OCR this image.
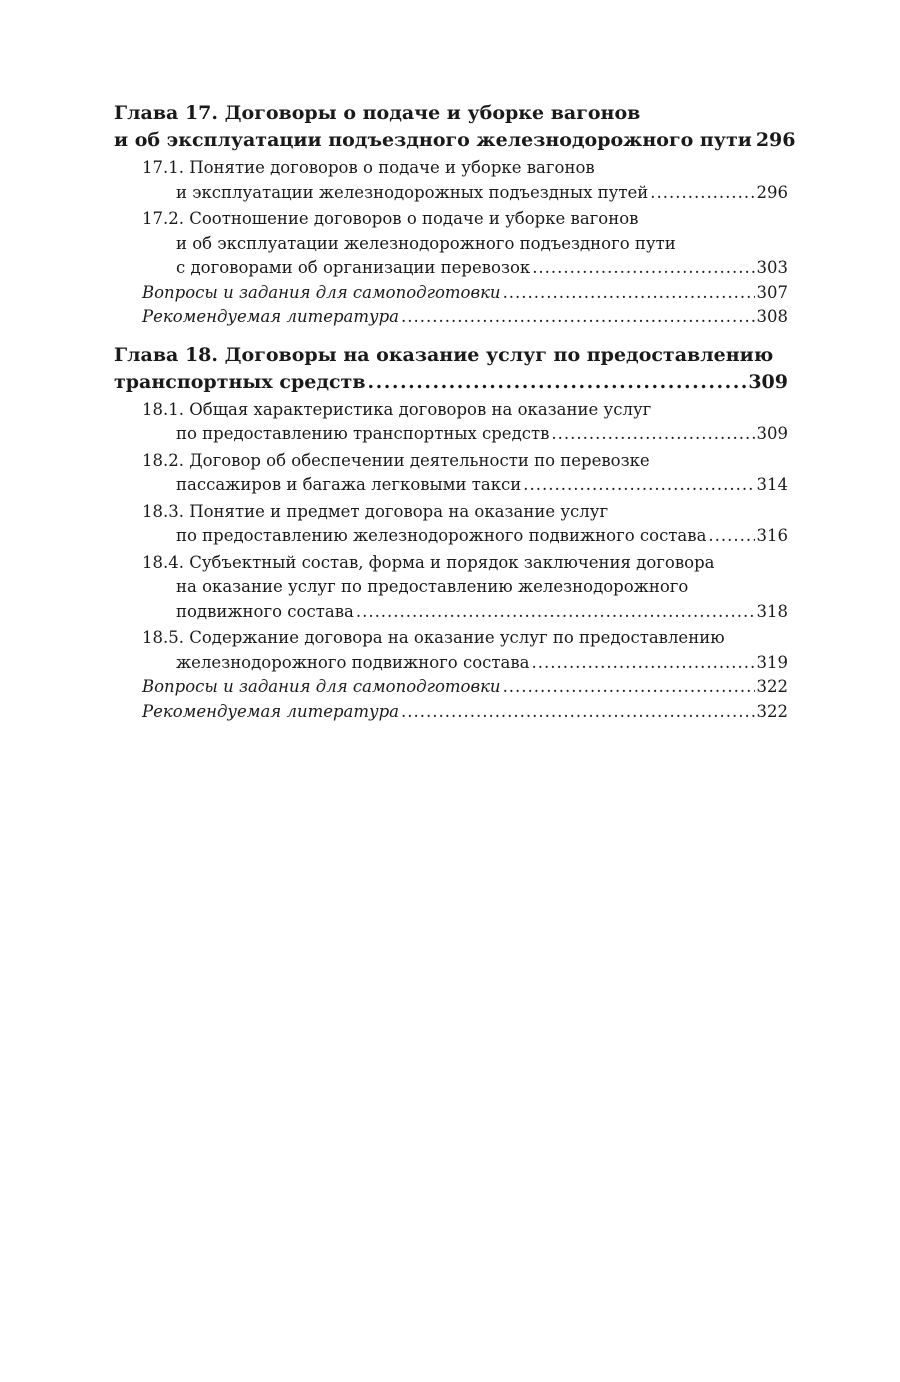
Глава 17. Договоры о подаче и уборке вагонов
и об эксплуатации подъездного железнодорожного пути 296
17.1. Понятие договоров о подаче и уборке вагонов
и эксплуатации железнодорожных подъездных путей .....	296
17.2. Соотношение договоров о подаче и уборке вагонов
и об эксплуатации железнодорожного подъездного пути
с договорами об организации перевозок .....	303
Вопросы и задания для самоподготовки .....	307
Рекомендуемая литература .....	308
Глава 18. Договоры на оказание услуг по предоставлению
транспортных средств .....	309
18.1. Общая характеристика договоров на оказание услуг
по предоставлению транспортных средств .....	309
18.2. Договор об обеспечении деятельности по перевозке
пассажиров и багажа легковыми такси .....	314
18.3. Понятие и предмет договора на оказание услуг
по предоставлению железнодорожного подвижного состава .....	316
18.4. Субъектный состав, форма и порядок заключения договора
на оказание услуг по предоставлению железнодорожного
подвижного состава .....	318
18.5. Содержание договора на оказание услуг по предоставлению
железнодорожного подвижного состава .....	319
Вопросы и задания для самоподготовки .....	322
Рекомендуемая литература .....	322
